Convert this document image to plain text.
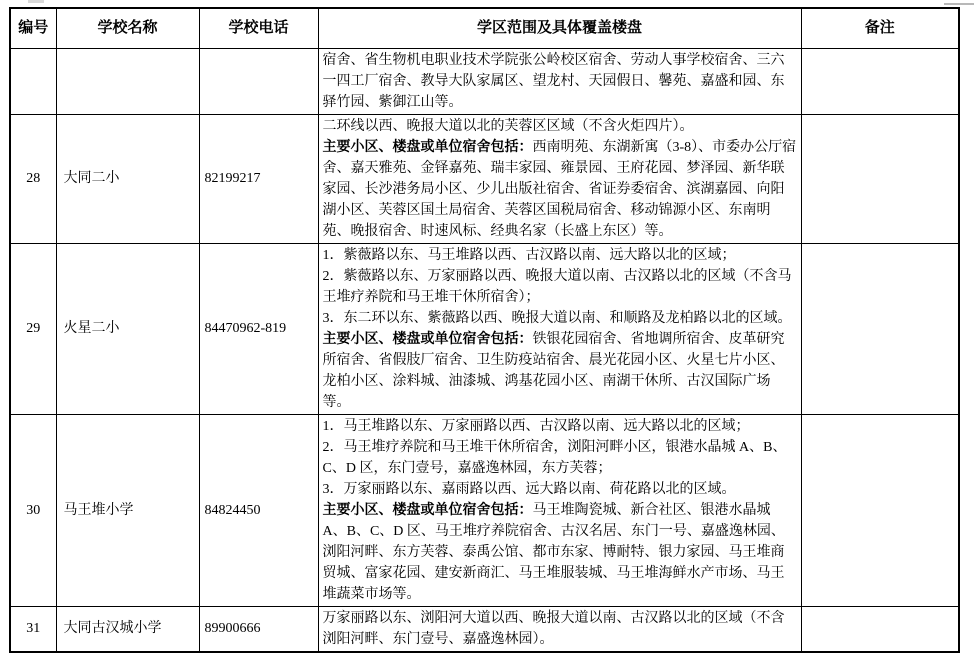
编号	学校名称	学校电话	学区范围及具体覆盖楼盘	备注

			宿舍、省生物机电职业技术学院张公岭校区宿舍、劳动人事学校宿舍、三六一四工厂宿舍、教导大队家属区、望龙村、天园假日、馨苑、嘉盛和园、东驿竹园、紫御江山等。	

28	大同二小	82199217	二环线以西、晚报大道以北的芙蓉区区域（不含火炬四片）。
主要小区、楼盘或单位宿舍包括：西南明苑、东湖新寓（3-8）、市委办公厅宿舍、嘉天雅苑、金铎嘉苑、瑞丰家园、雍景园、王府花园、梦泽园、新华联家园、长沙港务局小区、少儿出版社宿舍、省证券委宿舍、滨湖嘉园、向阳湖小区、芙蓉区国土局宿舍、芙蓉区国税局宿舍、移动锦源小区、东南明苑、晚报宿舍、时速风标、经典名家（长盛上东区）等。	

29	火星二小	84470962-819	1．紫薇路以东、马王堆路以西、古汉路以南、远大路以北的区域；
2．紫薇路以东、万家丽路以西、晚报大道以南、古汉路以北的区域（不含马王堆疗养院和马王堆干休所宿舍）；
3．东二环以东、紫薇路以西、晚报大道以南、和顺路及龙柏路以北的区域。
主要小区、楼盘或单位宿舍包括：铁银花园宿舍、省地调所宿舍、皮革研究所宿舍、省假肢厂宿舍、卫生防疫站宿舍、晨光花园小区、火星七片小区、龙柏小区、涂料城、油漆城、鸿基花园小区、南湖干休所、古汉国际广场等。	

30	马王堆小学	84824450	1．马王堆路以东、万家丽路以西、古汉路以南、远大路以北的区域；
2．马王堆疗养院和马王堆干休所宿舍，浏阳河畔小区，银港水晶城 A、B、C、D 区，东门壹号，嘉盛逸林园，东方芙蓉；
3．万家丽路以东、嘉雨路以西、远大路以南、荷花路以北的区域。
主要小区、楼盘或单位宿舍包括：马王堆陶瓷城、新合社区、银港水晶城 A、B、C、D 区、马王堆疗养院宿舍、古汉名居、东门一号、嘉盛逸林园、浏阳河畔、东方芙蓉、泰禹公馆、都市东家、博耐特、银力家园、马王堆商贸城、富家花园、建安新商汇、马王堆服装城、马王堆海鲜水产市场、马王堆蔬菜市场等。	

31	大同古汉城小学	89900666	万家丽路以东、浏阳河大道以西、晚报大道以南、古汉路以北的区域（不含浏阳河畔、东门壹号、嘉盛逸林园）。	
